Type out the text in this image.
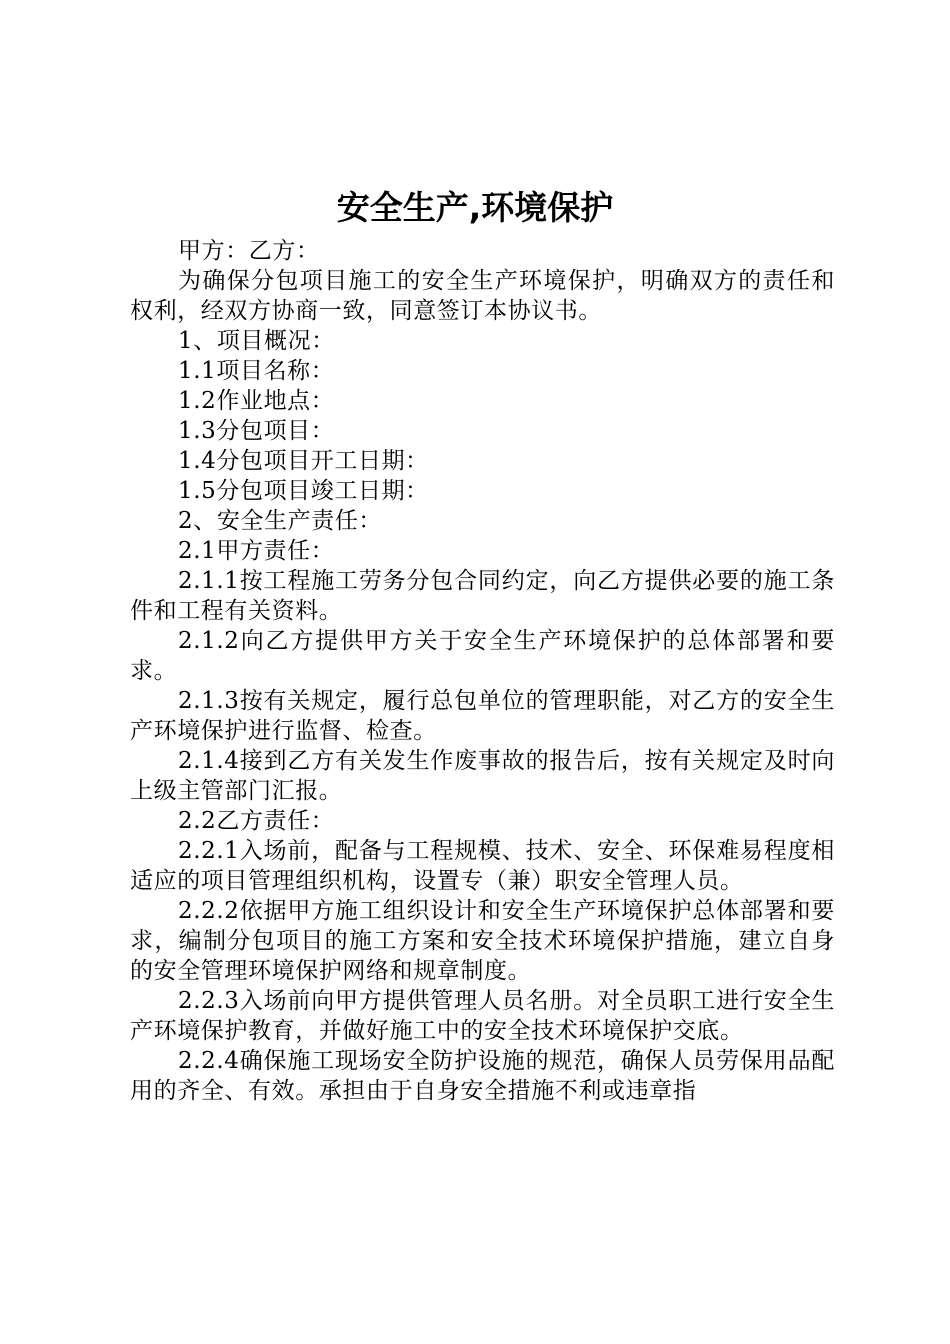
安全生产,环境保护

甲方：乙方：

为确保分包项目施工的安全生产环境保护，明确双方的责任和权利，经双方协商一致，同意签订本协议书。

1、项目概况：

1.1项目名称：

1.2作业地点：

1.3分包项目：

1.4分包项目开工日期：

1.5分包项目竣工日期：

2、安全生产责任：

2.1甲方责任：

2.1.1按工程施工劳务分包合同约定，向乙方提供必要的施工条件和工程有关资料。

2.1.2向乙方提供甲方关于安全生产环境保护的总体部署和要求。

2.1.3按有关规定，履行总包单位的管理职能，对乙方的安全生产环境保护进行监督、检查。

2.1.4接到乙方有关发生作废事故的报告后，按有关规定及时向上级主管部门汇报。

2.2乙方责任：

2.2.1入场前，配备与工程规模、技术、安全、环保难易程度相适应的项目管理组织机构，设置专（兼）职安全管理人员。

2.2.2依据甲方施工组织设计和安全生产环境保护总体部署和要求，编制分包项目的施工方案和安全技术环境保护措施，建立自身的安全管理环境保护网络和规章制度。

2.2.3入场前向甲方提供管理人员名册。对全员职工进行安全生产环境保护教育，并做好施工中的安全技术环境保护交底。

2.2.4确保施工现场安全防护设施的规范，确保人员劳保用品配用的齐全、有效。承担由于自身安全措施不利或违章指
